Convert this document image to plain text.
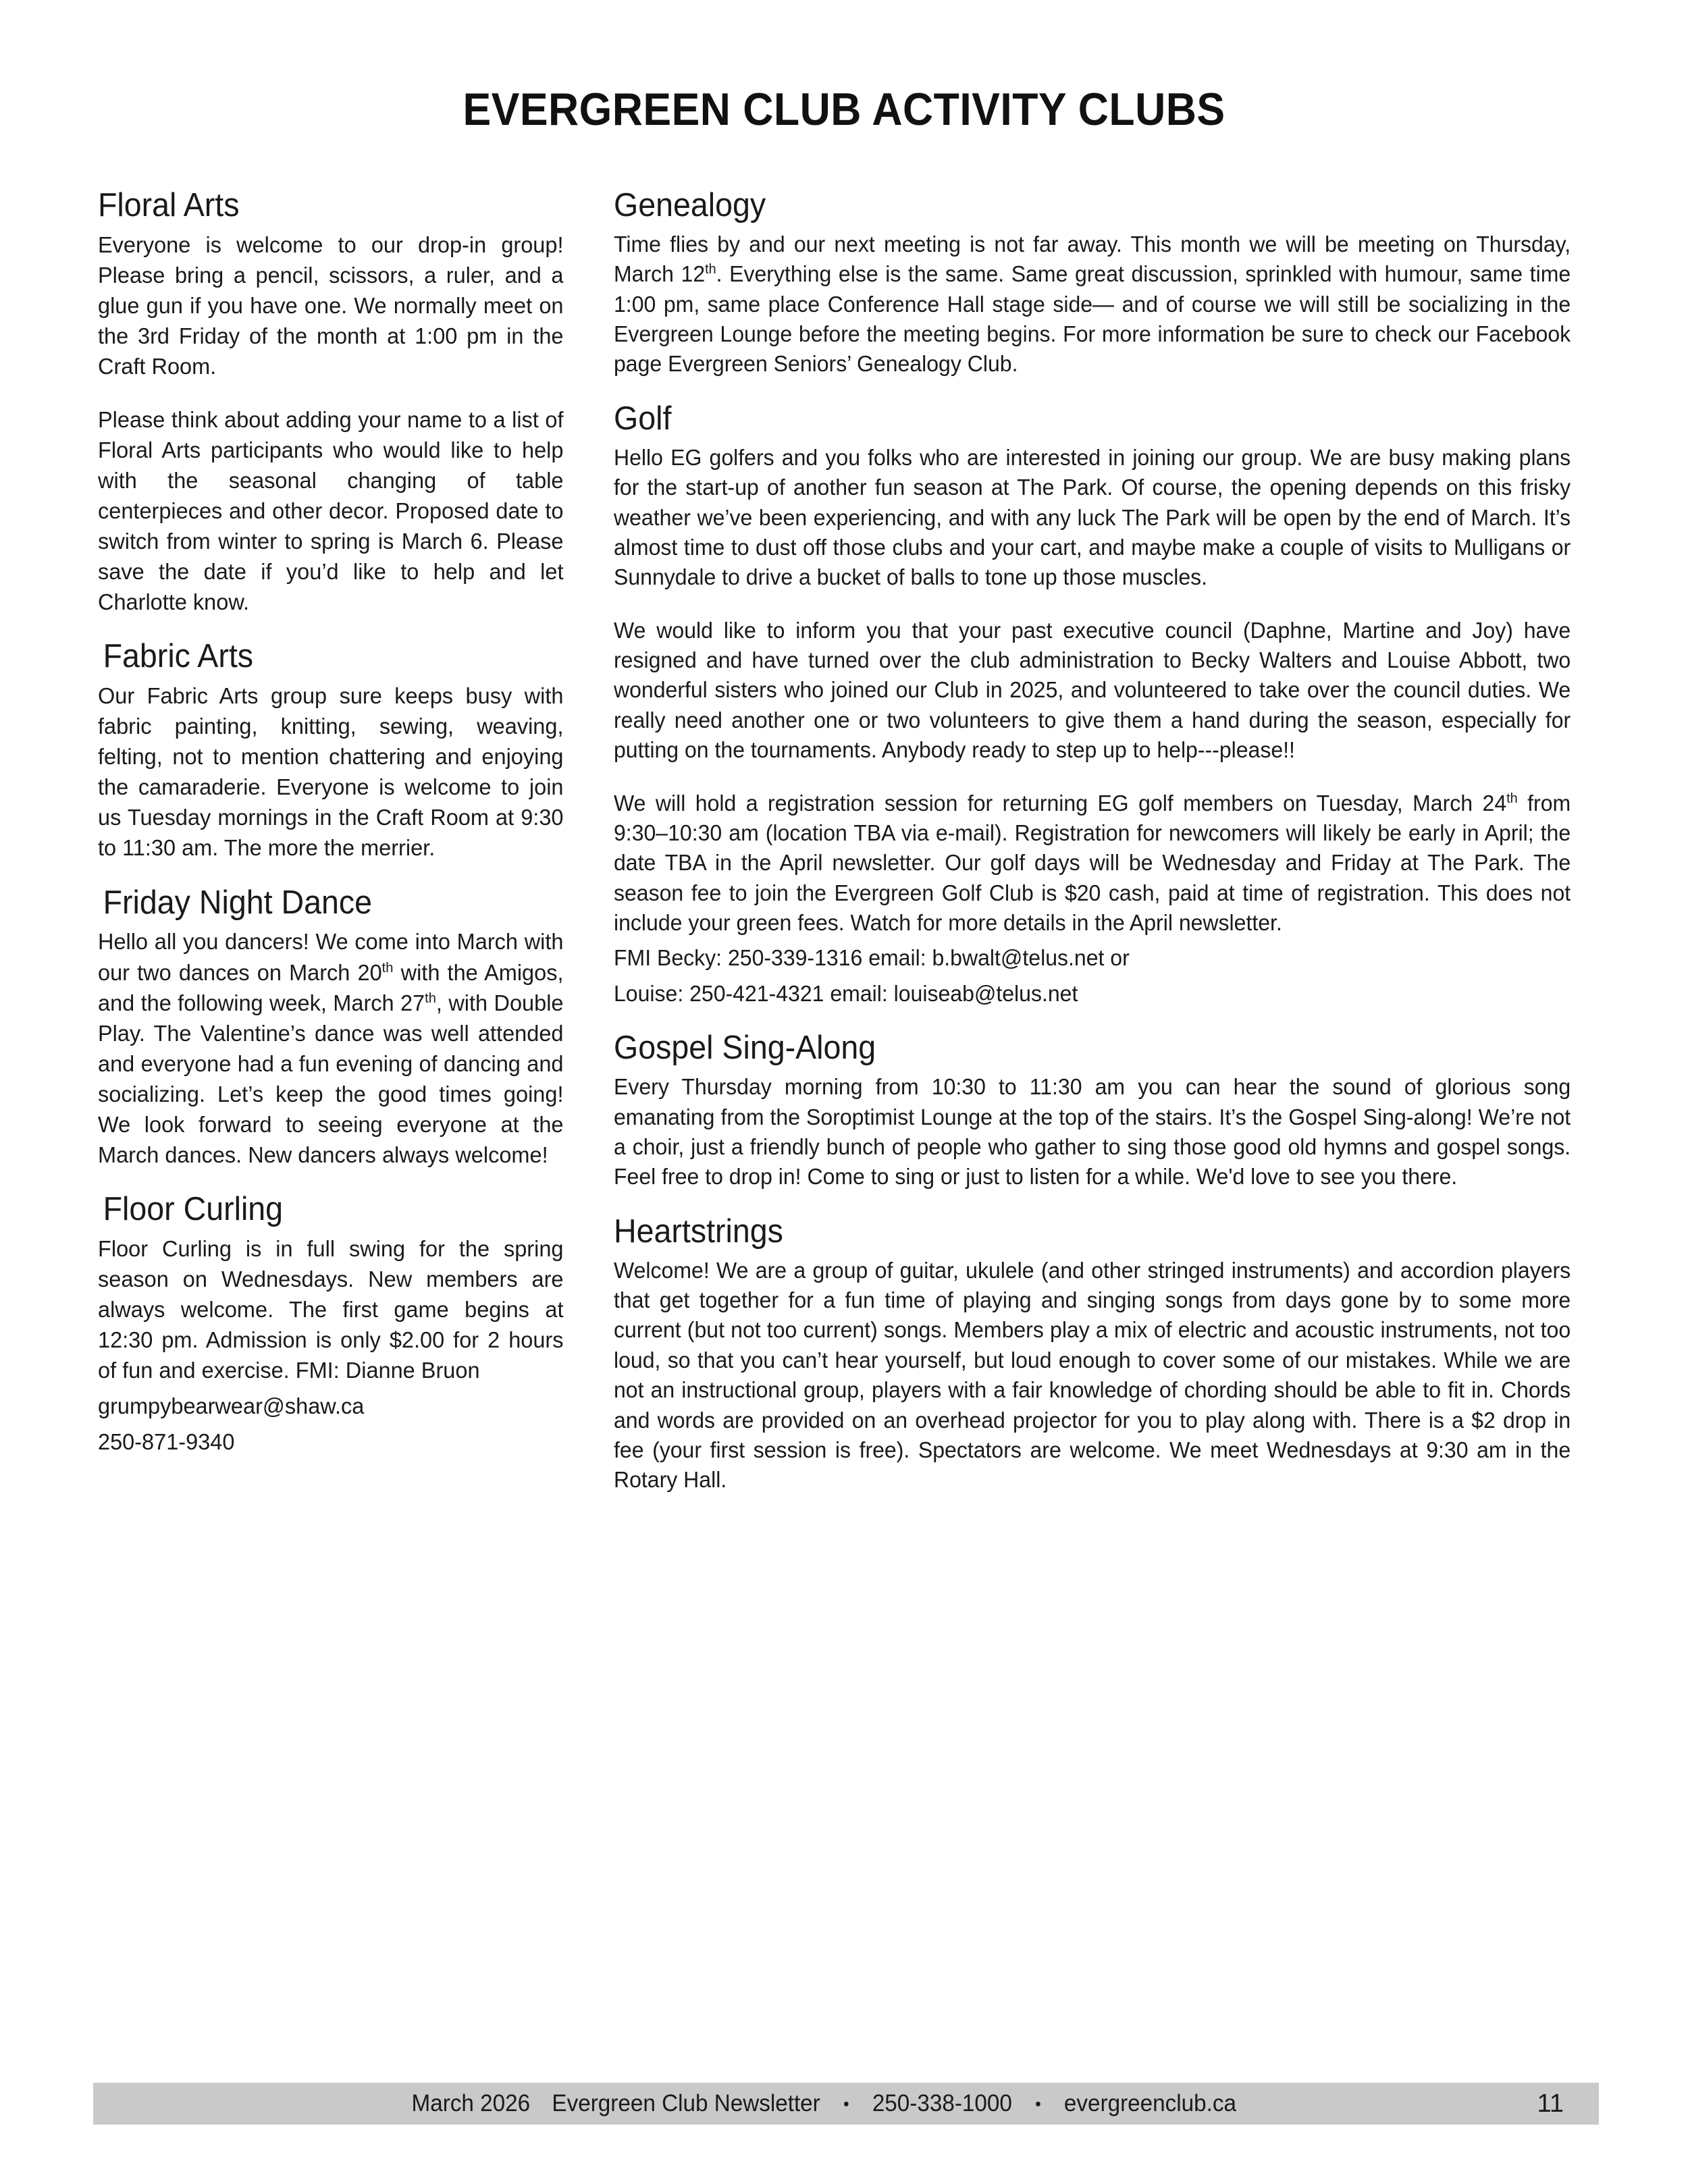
EVERGREEN CLUB ACTIVITY CLUBS
Floral Arts

Everyone is welcome to our drop-in group! Please bring a pencil, scissors, a ruler, and a glue gun if you have one. We normally meet on the 3rd Friday of the month at 1:00 pm in the Craft Room.

Please think about adding your name to a list of Floral Arts participants who would like to help with the seasonal changing of table centerpieces and other decor. Proposed date to switch from winter to spring is March 6. Please save the date if you’d like to help and let Charlotte know.

Fabric Arts

Our Fabric Arts group sure keeps busy with fabric painting, knitting, sewing, weaving, felting, not to mention chattering and enjoying the camaraderie. Everyone is welcome to join us Tuesday mornings in the Craft Room at 9:30 to 11:30 am. The more the merrier.

Friday Night Dance

Hello all you dancers! We come into March with our two dances on March 20th with the Amigos, and the following week, March 27th, with Double Play. The Valentine’s dance was well attended and everyone had a fun evening of dancing and socializing. Let’s keep the good times going! We look forward to seeing everyone at the March dances. New dancers always welcome!

Floor Curling

Floor Curling is in full swing for the spring season on Wednesdays. New members are always welcome. The first game begins at 12:30 pm. Admission is only $2.00 for 2 hours of fun and exercise. FMI: Dianne Bruon

grumpybearwear@shaw.ca

250-871-9340

Genealogy

Time flies by and our next meeting is not far away. This month we will be meeting on Thursday, March 12th. Everything else is the same. Same great discussion, sprinkled with humour, same time 1:00 pm, same place Conference Hall stage side— and of course we will still be socializing in the Evergreen Lounge before the meeting begins. For more information be sure to check our Facebook page Evergreen Seniors’ Genealogy Club.

Golf

Hello EG golfers and you folks who are interested in joining our group. We are busy making plans for the start-up of another fun season at The Park. Of course, the opening depends on this frisky weather we’ve been experiencing, and with any luck The Park will be open by the end of March. It’s almost time to dust off those clubs and your cart, and maybe make a couple of visits to Mulligans or Sunnydale to drive a bucket of balls to tone up those muscles.

We would like to inform you that your past executive council (Daphne, Martine and Joy) have resigned and have turned over the club administration to Becky Walters and Louise Abbott, two wonderful sisters who joined our Club in 2025, and volunteered to take over the council duties. We really need another one or two volunteers to give them a hand during the season, especially for putting on the tournaments. Anybody ready to step up to help---please!!

We will hold a registration session for returning EG golf members on Tuesday, March 24th from 9:30–10:30 am (location TBA via e-mail). Registration for newcomers will likely be early in April; the date TBA in the April newsletter. Our golf days will be Wednesday and Friday at The Park. The season fee to join the Evergreen Golf Club is $20 cash, paid at time of registration. This does not include your green fees. Watch for more details in the April newsletter.

FMI Becky: 250-339-1316 email: b.bwalt@telus.net or

Louise: 250-421-4321 email: louiseab@telus.net

Gospel Sing-Along

Every Thursday morning from 10:30 to 11:30 am you can hear the sound of glorious song emanating from the Soroptimist Lounge at the top of the stairs. It’s the Gospel Sing-along! We’re not a choir, just a friendly bunch of people who gather to sing those good old hymns and gospel songs. Feel free to drop in! Come to sing or just to listen for a while. We'd love to see you there.

Heartstrings

Welcome! We are a group of guitar, ukulele (and other stringed instruments) and accordion players that get together for a fun time of playing and singing songs from days gone by to some more current (but not too current) songs. Members play a mix of electric and acoustic instruments, not too loud, so that you can’t hear yourself, but loud enough to cover some of our mistakes. While we are not an instructional group, players with a fair knowledge of chording should be able to fit in. Chords and words are provided on an overhead projector for you to play along with. There is a $2 drop in fee (your first session is free). Spectators are welcome. We meet Wednesdays at 9:30 am in the Rotary Hall.

March 2026 Evergreen Club Newsletter • 250-338-1000 • evergreenclub.ca	11
